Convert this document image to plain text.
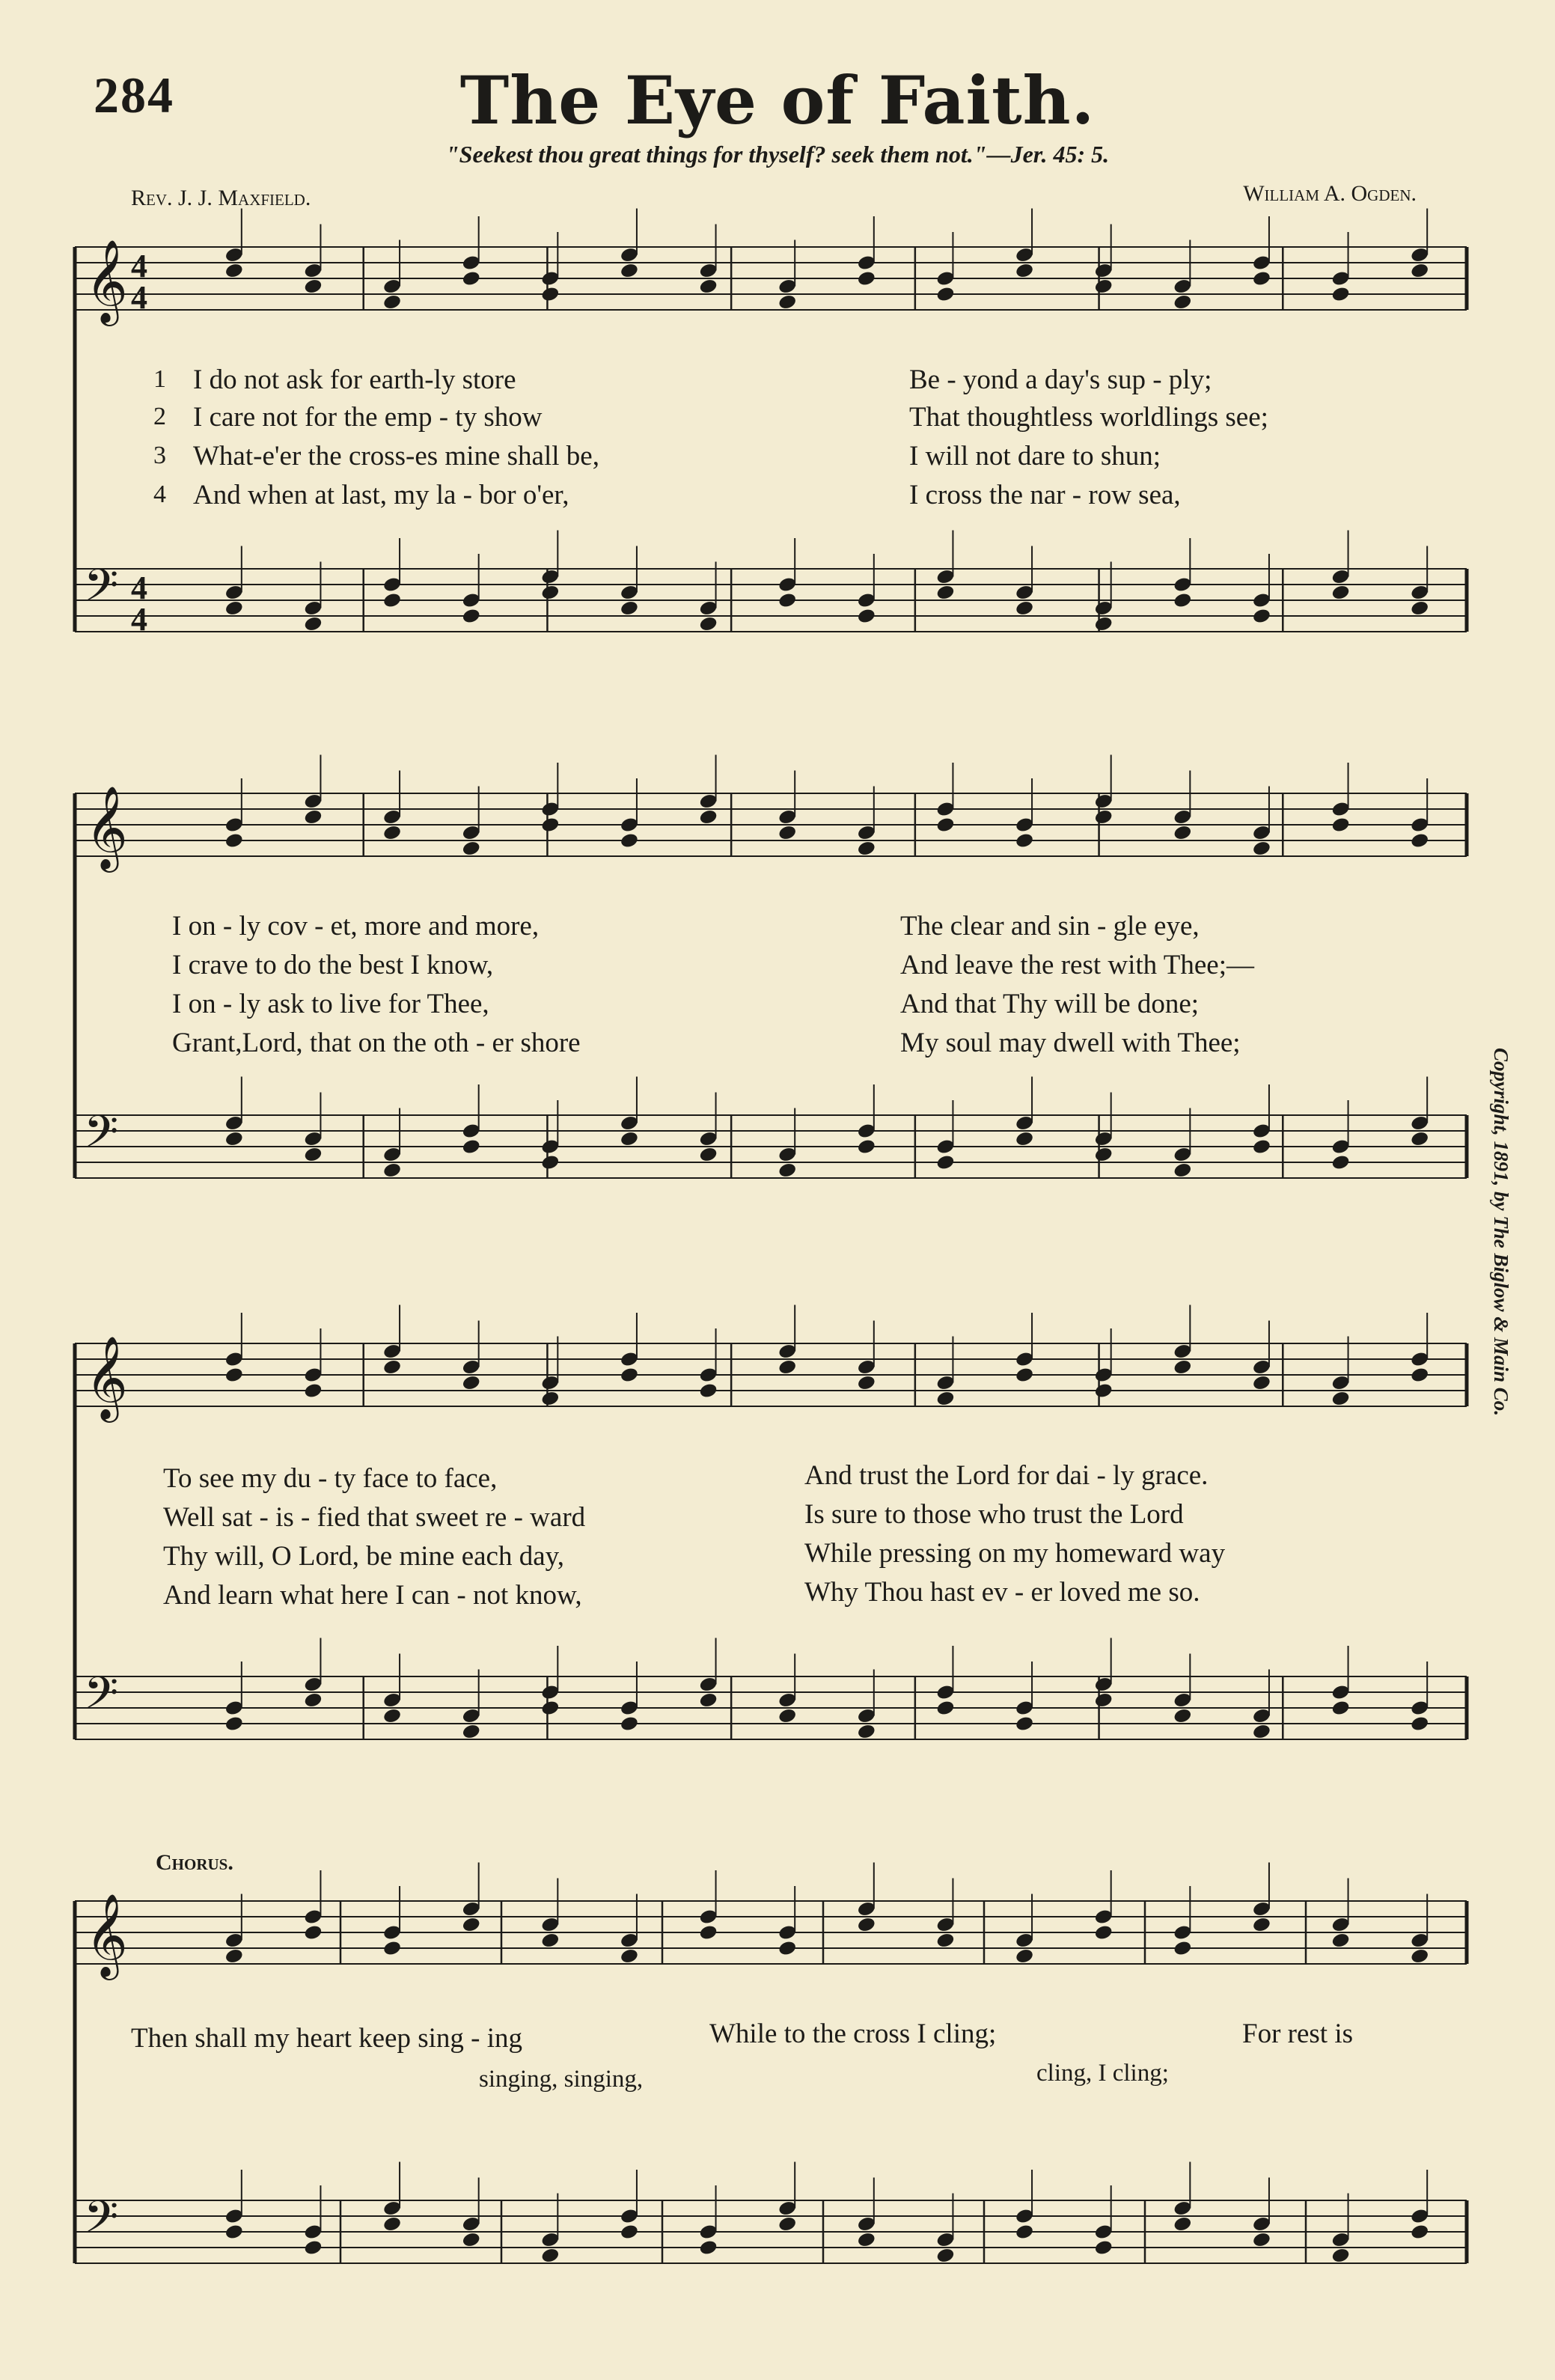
284	The Eye of Faith.
"Seekest thou great things for thyself? seek them not."—Jer. 45: 5.
Rev. J. J. Maxfield.	William A. Ogden.
Copyright, 1891, by The Biglow & Main Co.
𝄞
𝄢
𝄞
𝄢
𝄞
𝄢
𝄞
𝄢
4
4
4
4
1 I do not ask for earth-ly store	Be - yond a day's sup - ply;
2 I care not for the emp - ty show	That thoughtless worldlings see;
3 What-e'er the cross-es mine shall be,	I will not dare to shun;
4 And when at last, my la - bor o'er,	I cross the nar - row sea,
I on - ly cov - et, more and more,	The clear and sin - gle eye,
I crave to do the best I know,	And leave the rest with Thee;—
I on - ly ask to live for Thee,	And that Thy will be done;
Grant,Lord, that on the oth - er shore	My soul may dwell with Thee;
To see my du - ty face to face,	And trust the Lord for dai - ly grace.
Well sat - is - fied that sweet re - ward	Is sure to those who trust the Lord
Thy will, O Lord, be mine each day,	While pressing on my homeward way
And learn what here I can - not know,	Why Thou hast ev - er loved me so.
Chorus.
Then shall my heart keep sing - ing	While to the cross I cling;	For rest is
singing, singing,	cling, I cling;
